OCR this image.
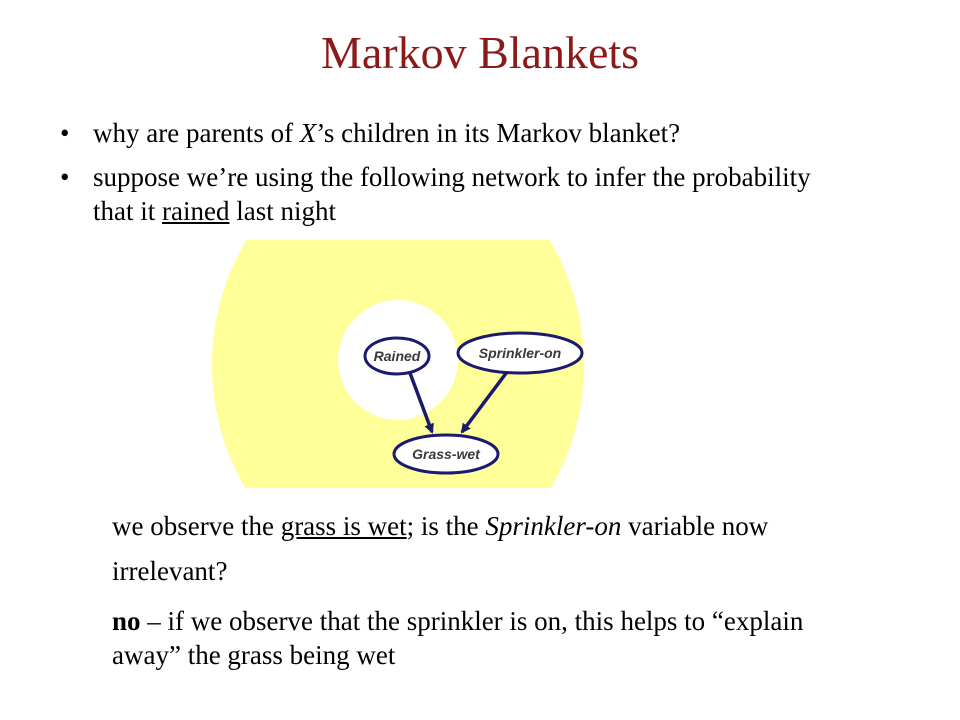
Markov Blankets
• why are parents of X’s children in its Markov blanket?
• suppose we’re using the following network to infer the probability that it rained last night
Rained	Sprinkler-on
Grass-wet
we observe the grass is wet; is the Sprinkler-on variable now irrelevant?
no – if we observe that the sprinkler is on, this helps to “explain away” the grass being wet
